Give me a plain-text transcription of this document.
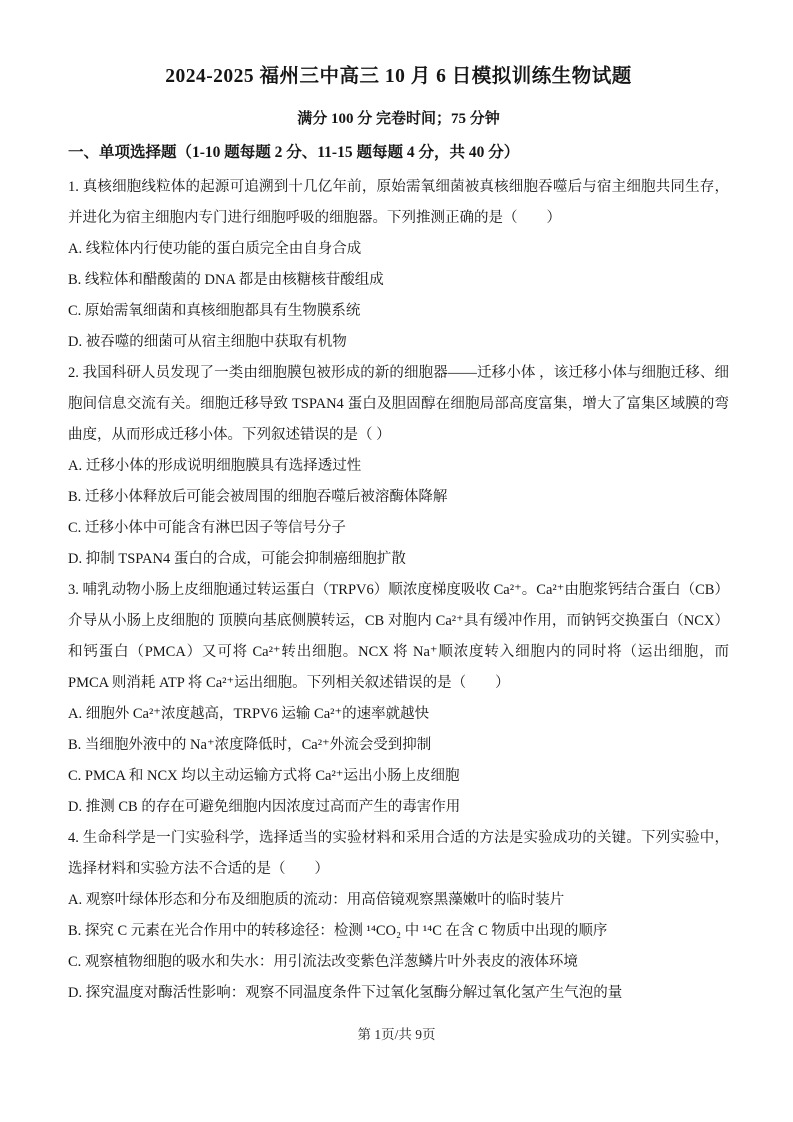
2024-2025 福州三中高三 10 月 6 日模拟训练生物试题
满分 100 分 完卷时间；75 分钟
一、单项选择题（1-10 题每题 2 分、11-15 题每题 4 分，共 40 分）

1. 真核细胞线粒体的起源可追溯到十几亿年前，原始需氧细菌被真核细胞吞噬后与宿主细胞共同生存，并进化为宿主细胞内专门进行细胞呼吸的细胞器。下列推测正确的是（　　）

A. 线粒体内行使功能的蛋白质完全由自身合成

B. 线粒体和醋酸菌的 DNA 都是由核糖核苷酸组成

C. 原始需氧细菌和真核细胞都具有生物膜系统

D. 被吞噬的细菌可从宿主细胞中获取有机物

2. 我国科研人员发现了一类由细胞膜包被形成的新的细胞器——迁移小体 ，该迁移小体与细胞迁移、细胞间信息交流有关。细胞迁移导致 TSPAN4 蛋白及胆固醇在细胞局部高度富集，增大了富集区域膜的弯曲度，从而形成迁移小体。下列叙述错误的是（ ）

A. 迁移小体的形成说明细胞膜具有选择透过性

B. 迁移小体释放后可能会被周围的细胞吞噬后被溶酶体降解

C. 迁移小体中可能含有淋巴因子等信号分子

D. 抑制 TSPAN4 蛋白的合成，可能会抑制癌细胞扩散

3. 哺乳动物小肠上皮细胞通过转运蛋白（TRPV6）顺浓度梯度吸收 Ca²⁺。Ca²⁺由胞浆钙结合蛋白（CB）介导从小肠上皮细胞的 顶膜向基底侧膜转运，CB 对胞内 Ca²⁺具有缓冲作用，而钠钙交换蛋白（NCX）和钙蛋白（PMCA）又可将 Ca²⁺转出细胞。NCX 将 Na⁺顺浓度转入细胞内的同时将（运出细胞，而 PMCA 则消耗 ATP 将 Ca²⁺运出细胞。下列相关叙述错误的是（　　）

A. 细胞外 Ca²⁺浓度越高，TRPV6 运输 Ca²⁺的速率就越快

B. 当细胞外液中的 Na⁺浓度降低时，Ca²⁺外流会受到抑制

C. PMCA 和 NCX 均以主动运输方式将 Ca²⁺运出小肠上皮细胞

D. 推测 CB 的存在可避免细胞内因浓度过高而产生的毒害作用

4. 生命科学是一门实验科学，选择适当的实验材料和采用合适的方法是实验成功的关键。下列实验中，选择材料和实验方法不合适的是（　　）

A. 观察叶绿体形态和分布及细胞质的流动：用高倍镜观察黑藻嫩叶的临时装片

B. 探究 C 元素在光合作用中的转移途径：检测 ¹⁴CO₂ 中 ¹⁴C 在含 C 物质中出现的顺序

C. 观察植物细胞的吸水和失水：用引流法改变紫色洋葱鳞片叶外表皮的液体环境

D. 探究温度对酶活性影响：观察不同温度条件下过氧化氢酶分解过氧化氢产生气泡的量

第 1页/共 9页
